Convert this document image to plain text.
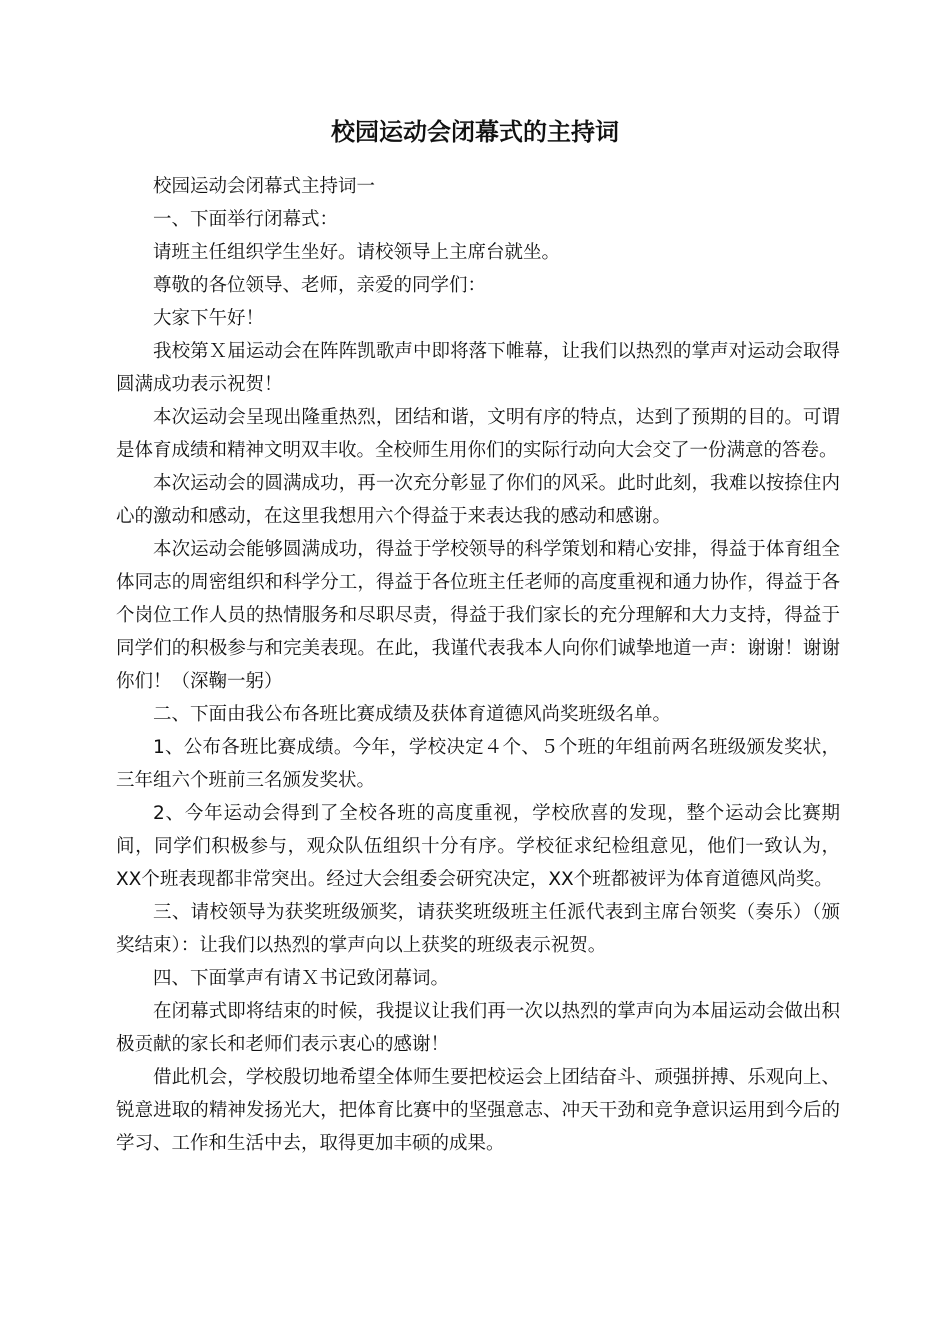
校园运动会闭幕式的主持词

校园运动会闭幕式主持词一

一、下面举行闭幕式：

请班主任组织学生坐好。请校领导上主席台就坐。

尊敬的各位领导、老师，亲爱的同学们：

大家下午好！

我校第Ｘ届运动会在阵阵凯歌声中即将落下帷幕，让我们以热烈的掌声对运动会取得圆满成功表示祝贺！

本次运动会呈现出隆重热烈，团结和谐，文明有序的特点，达到了预期的目的。可谓是体育成绩和精神文明双丰收。全校师生用你们的实际行动向大会交了一份满意的答卷。

本次运动会的圆满成功，再一次充分彰显了你们的风采。此时此刻，我难以按捺住内心的激动和感动，在这里我想用六个得益于来表达我的感动和感谢。

本次运动会能够圆满成功，得益于学校领导的科学策划和精心安排，得益于体育组全体同志的周密组织和科学分工，得益于各位班主任老师的高度重视和通力协作，得益于各个岗位工作人员的热情服务和尽职尽责，得益于我们家长的充分理解和大力支持，得益于同学们的积极参与和完美表现。在此，我谨代表我本人向你们诚挚地道一声：谢谢！谢谢你们！（深鞠一躬）

二、下面由我公布各班比赛成绩及获体育道德风尚奖班级名单。

1、公布各班比赛成绩。今年，学校决定４个、５个班的年组前两名班级颁发奖状，三年组六个班前三名颁发奖状。

2、今年运动会得到了全校各班的高度重视，学校欣喜的发现，整个运动会比赛期间，同学们积极参与，观众队伍组织十分有序。学校征求纪检组意见，他们一致认为，XX个班表现都非常突出。经过大会组委会研究决定，XX个班都被评为体育道德风尚奖。

三、请校领导为获奖班级颁奖，请获奖班级班主任派代表到主席台领奖（奏乐）（颁奖结束）：让我们以热烈的掌声向以上获奖的班级表示祝贺。

四、下面掌声有请Ｘ书记致闭幕词。

在闭幕式即将结束的时候，我提议让我们再一次以热烈的掌声向为本届运动会做出积极贡献的家长和老师们表示衷心的感谢！

借此机会，学校殷切地希望全体师生要把校运会上团结奋斗、顽强拼搏、乐观向上、锐意进取的精神发扬光大，把体育比赛中的坚强意志、冲天干劲和竞争意识运用到今后的学习、工作和生活中去，取得更加丰硕的成果。
